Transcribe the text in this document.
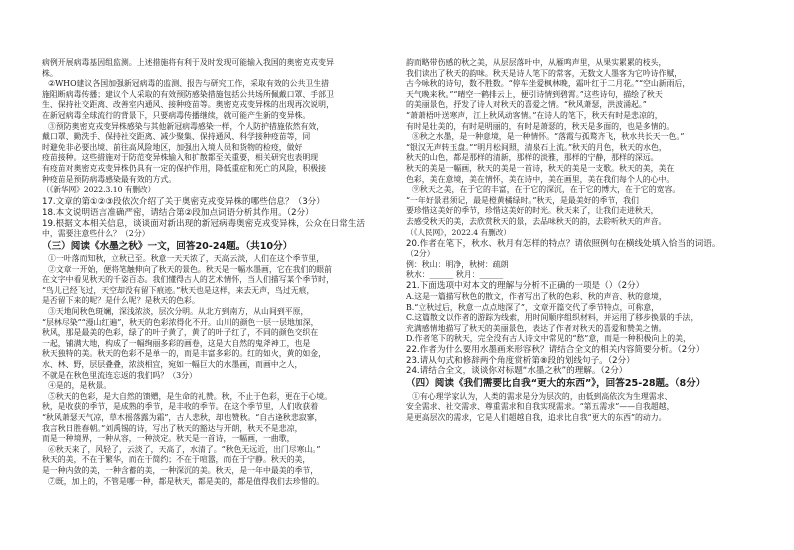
病例开展病毒基因组监测。上述措施将有利于及时发现可能输入我国的奥密克戎变异
株。
②WHO建议各国加强新冠病毒的监测、报告与研究工作，采取有效的公共卫生措
施阻断病毒传播；建议个人采取的有效预防感染措施包括公共场所佩戴口罩、手部卫
生、保持社交距离、改善室内通风、接种疫苗等。奥密克戎变异株的出现再次说明，
在新冠病毒全球流行的背景下，只要病毒传播继续，就可能产生新的变异株。
③预防奥密克戎变异株感染与其他新冠病毒感染一样，个人防护措施依然有效，
戴口罩、勤洗手、保持社交距离、减少聚集、保持通风、科学接种疫苗等，同
时避免非必要出境、前往高风险地区，加强出入境人员和货物的检疫，做好
疫苗接种。这些措施对于防范变异株输入和扩散都至关重要，相关研究也表明现
有疫苗对奥密克戎变异株仍具有一定的保护作用，降低重症和死亡的风险，积极接
种疫苗是预防病毒感染最有效的方式。
（《新华网》2022.3.10 有删改）
17.文章的第①②③段依次介绍了关于奥密克戎变异株的哪些信息？（3分）
18.本文说明语言准确严密，请结合第②段加点词语分析其作用。（2分）
19.根据文本相关信息，谈谈面对新出现的新冠病毒奥密克戎变异株，公众在日常生活
中，需要注意些什么？（2分）
（三）阅读《水墨之秋》一文，回答20-24题。（共10分）
①一叶落而知秋，立秋已至。秋意一天天浓了，天高云淡，人们在这个季节里，
②文章一开始，便将笔触伸向了秋天的景色。秋天是一幅水墨画，它在我们的眼前
在文字中看见秋天的千姿百态。我们懂得古人的艺术情怀，当人们描写某个季节时，
“鸟儿已经飞过，天空却没有留下痕迹。”秋天也是这样，来去无声，鸟过无痕，
是否留下来的呢？是什么呢？是秋天的色彩。
③天地间秋色斑斓，深浅浓淡，层次分明。从北方到南方，从山间到平原，
“层林尽染”“漫山红遍”，秋天的色彩浓得化不开。山川的颜色一层一层地加深，
秋风，那是最美的色彩，绿了的叶子黄了，黄了的叶子红了，不同的颜色交织在
一起，铺满大地，构成了一幅绚丽多彩的画卷，这是大自然的鬼斧神工，也是
秋天独特的美。秋天的色彩不是单一的，而是丰富多彩的。红的如火，黄的如金，
水、林、野，层层叠叠，浓淡相宜，宛如一幅巨大的水墨画，而画中之人，
不就是在秋色里流连忘返的我们吗？（3分）
④是的，是秋景。
⑤秋天的色彩，是大自然的馈赠，是生命的礼赞。秋，不止于色彩，更在于心境。
秋，是收获的季节，是成熟的季节，是丰收的季节。在这个季节里，人们收获着
“秋风萧瑟天气凉，草木摇落露为霜”，古人悲秋，却也赞秋。“自古逢秋悲寂寥，
我言秋日胜春朝。”刘禹锡的诗，写出了秋天的豁达与开朗，秋天不是悲凉，
而是一种境界，一种从容，一种淡定。秋天是一首诗，一幅画，一曲歌，
⑥秋天来了，风轻了，云淡了，天高了，水清了。“秋色无远近，出门尽寒山。”
秋天的美，不在于繁华，而在于简约；不在于喧嚣，而在于宁静。秋天的美，
是一种内敛的美，一种含蓄的美，一种深沉的美。秋天，是一年中最美的季节，
⑦既，加上的，不管是哪一种，都是秋天，都是美的，都是值得我们去珍惜的。
韵而略带伤感的秋之美，从层层落叶中，从雁鸣声里，从果实累累的枝头，
我们读出了秋天的韵味。秋天是诗人笔下的常客，无数文人墨客为它吟诗作赋，
古今咏秋的诗句，数不胜数。“停车坐爱枫林晚，霜叶红于二月花。”“空山新雨后，
天气晚来秋。”“晴空一鹤排云上，便引诗情到碧霄。”这些诗句，描绘了秋天
的美丽景色，抒发了诗人对秋天的喜爱之情。“秋风萧瑟，洪波涌起。”
“萧萧梧叶送寒声，江上秋风动客情。”在诗人的笔下，秋天有时是悲凉的，
有时是壮美的，有时是明丽的，有时是萧瑟的，秋天是多面的，也是多情的。
⑧秋之水墨，是一种意境，是一种情怀。“落霞与孤鹜齐飞，秋水共长天一色。”
“银汉无声转玉盘。”“明月松间照，清泉石上流。”秋天的月色，秋天的水色，
秋天的山色，都是那样的清新，那样的淡雅，那样的宁静，那样的深远。
秋天的美是一幅画，秋天的美是一首诗，秋天的美是一支歌。秋天的美，美在
色彩，美在意境，美在情怀，美在诗中，美在画里，美在我们每个人的心中。
⑨秋天之美，在于它的丰富，在于它的深沉，在于它的博大，在于它的宽容。
“一年好景君须记，最是橙黄橘绿时。”秋天，是最美好的季节，我们
要珍惜这美好的季节，珍惜这美好的时光。秋天来了，让我们走进秋天，
去感受秋天的美，去欣赏秋天的景，去品味秋天的韵，去聆听秋天的声音。
（《人民网》，2022.4 有删改）
20.作者在笔下，秋水、秋月有怎样的特点？请依照例句在横线处填入恰当的词语。
（2分）
例：秋山：明净，秋树：疏朗
秋水：______ 秋月：______
21.下面选项中对本文的理解与分析不正确的一项是（）（2分）
A.这是一篇描写秋色的散文，作者写出了秋的色彩、秋的声音、秋的意境，
B.“立秋过后，秋意一点点地深了”，文章开篇交代了季节特点，可称意，
C.这篇散文以作者的游踪为线索，用时间顺序组织材料，并运用了移步换景的手法，
充满感情地描写了秋天的美丽景色，表达了作者对秋天的喜爱和赞美之情。
D.作者笔下的秋天，完全没有古人诗文中常见的“愁”意，而是一种积极向上的美，
22.作者为什么要用水墨画来形容秋？请结合全文的相关内容简要分析。（2分）
23.请从句式和修辞两个角度赏析第⑧段的划线句子。（2分）
24.请结合全文，谈谈你对标题“水墨之秋”的理解。（2分）
（四）阅读《我们需要比自我“更大的东西”》，回答25-28题。（8分）
①有心理学家认为，人类的需求是分为层次的，由低到高依次为生理需求、
安全需求、社交需求、尊重需求和自我实现需求。“第五需求”——自我超越，
是更高层次的需求，它是人们超越自我，追求比自我“更大的东西”的动力。
